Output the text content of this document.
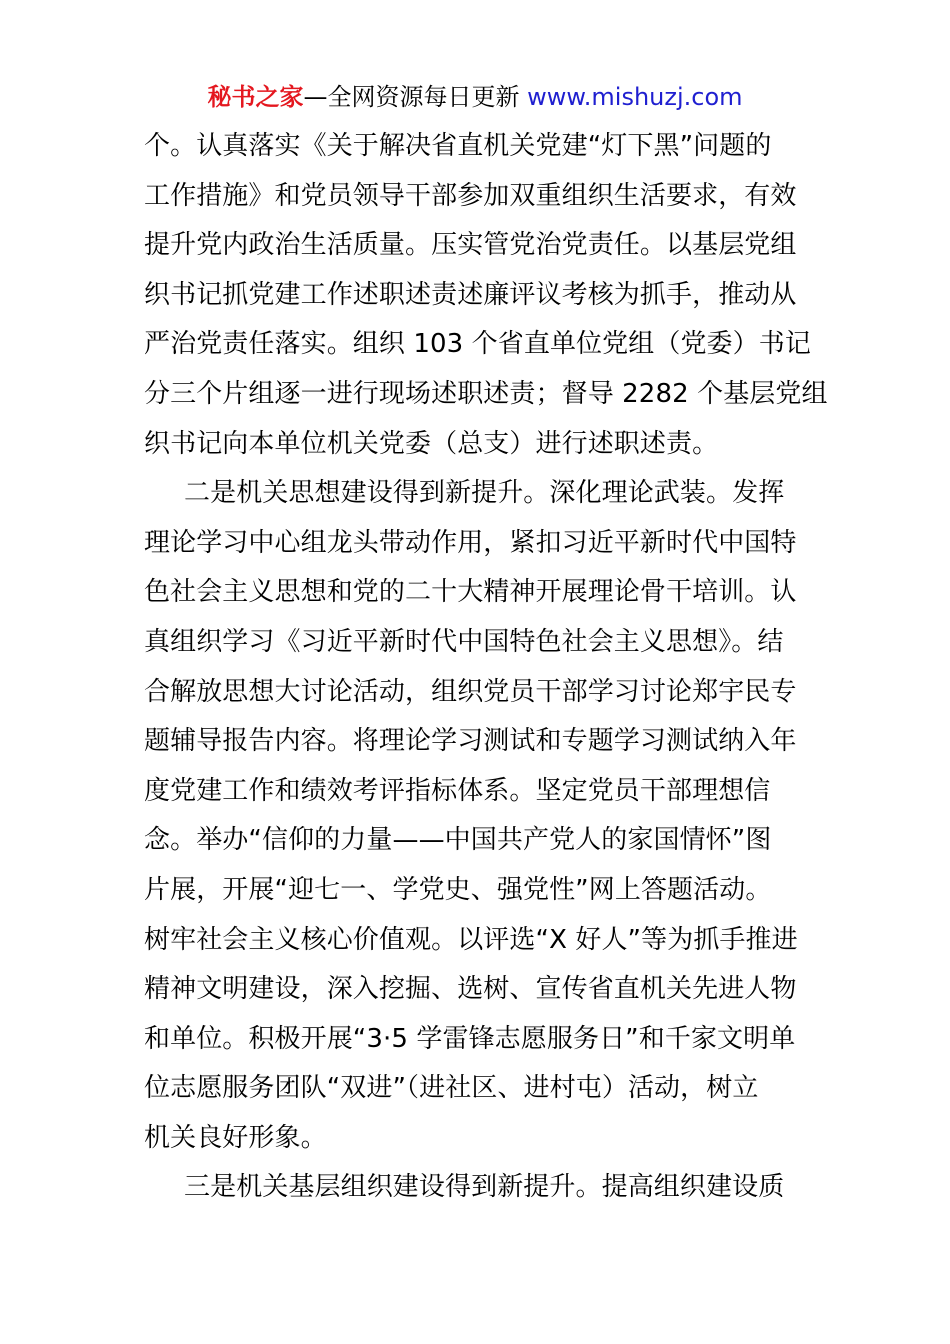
秘书之家—全网资源每日更新 www.mishuzj.com
个。认真落实《关于解决省直机关党建“灯下黑”问题的
工作措施》和党员领导干部参加双重组织生活要求，有效
提升党内政治生活质量。压实管党治党责任。以基层党组
织书记抓党建工作述职述责述廉评议考核为抓手，推动从
严治党责任落实。组织 103 个省直单位党组（党委）书记
分三个片组逐一进行现场述职述责；督导 2282 个基层党组
织书记向本单位机关党委（总支）进行述职述责。
二是机关思想建设得到新提升。深化理论武装。发挥
理论学习中心组龙头带动作用，紧扣习近平新时代中国特
色社会主义思想和党的二十大精神开展理论骨干培训。认
真组织学习《习近平新时代中国特色社会主义思想》。结
合解放思想大讨论活动，组织党员干部学习讨论郑宇民专
题辅导报告内容。将理论学习测试和专题学习测试纳入年
度党建工作和绩效考评指标体系。坚定党员干部理想信
念。举办“信仰的力量——中国共产党人的家国情怀”图
片展，开展“迎七一、学党史、强党性”网上答题活动。
树牢社会主义核心价值观。以评选“X 好人”等为抓手推进
精神文明建设，深入挖掘、选树、宣传省直机关先进人物
和单位。积极开展“3·5 学雷锋志愿服务日”和千家文明单
位志愿服务团队“双进”（进社区、进村屯）活动，树立
机关良好形象。
三是机关基层组织建设得到新提升。提高组织建设质
